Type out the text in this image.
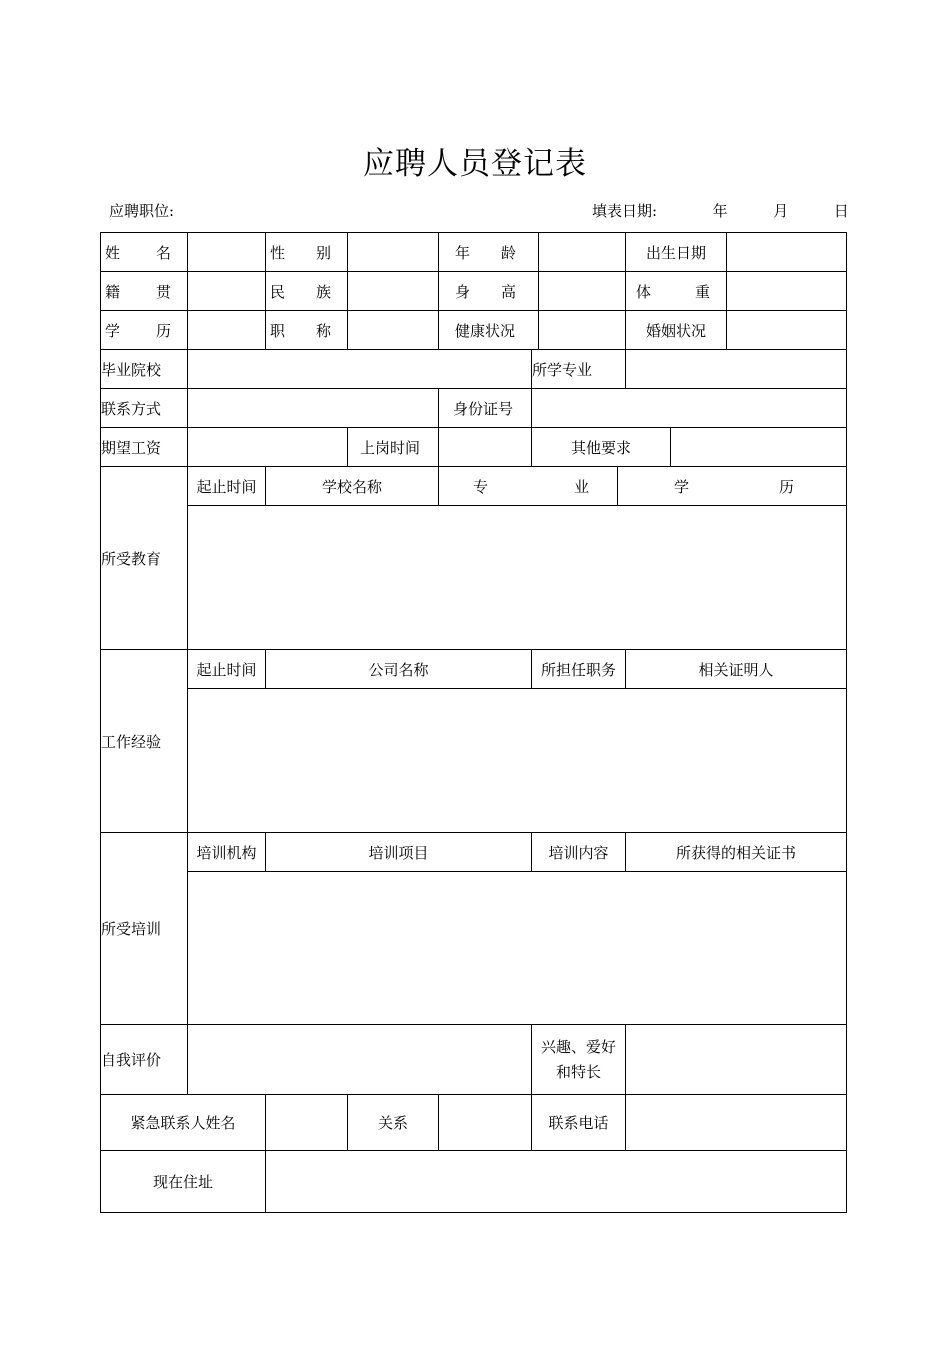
应聘人员登记表
应聘职位:	填表日期:	年	月	日
姓 名		性 别		年 龄				出生日期		

籍 贯		民 族		身 高				体 重		

学 历		职 称		健康状况				婚姻状况		
毕业院校					所学专业					
联系方式				身份证号						
期望工资			上岗时间		其他要求					
所受教育	起止时间	学校名称		专 业			学 历			

工作经验	起止时间	公司名称			所担任职务			相关证明人		

所受培训	培训机构	培训项目			培训内容			所获得的相关证书		

自我评价					兴趣、爱好
和特长					

紧急联系人姓名			关系		联系电话					
现在住址										
